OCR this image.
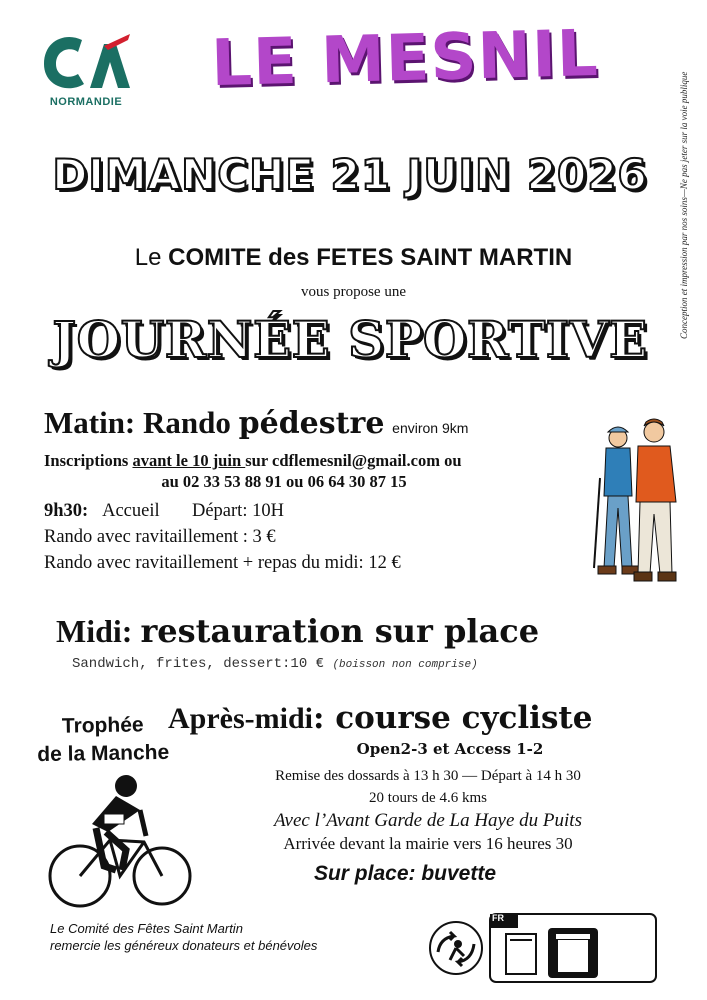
NORMANDIE
LE MESNIL
Conception et impression par nos soins—Ne pas jeter sur la voie publique
DIMANCHE 21 JUIN 2026
Le COMITE des FETES SAINT MARTIN
vous propose une
JOURNÉE SPORTIVE
Matin: Rando pédestre environ 9km
Inscriptions avant le 10 juin sur cdflemesnil@gmail.com ou
au 02 33 53 88 91 ou 06 64 30 87 15
9h30: Accueil Départ: 10H
Rando avec ravitaillement : 3 €
Rando avec ravitaillement + repas du midi: 12 €
Midi: restauration sur place
Sandwich, frites, dessert:10 € (boisson non comprise)
Trophée
de la Manche
Après-midi: course cycliste
Open2-3 et Access 1-2
Remise des dossards à 13 h 30 — Départ à 14 h 30
20 tours de 4.6 kms
Avec l’Avant Garde de La Haye du Puits
Arrivée devant la mairie vers 16 heures 30
Sur place: buvette
Le Comité des Fêtes Saint Martin
remercie les généreux donateurs et bénévoles
FR
